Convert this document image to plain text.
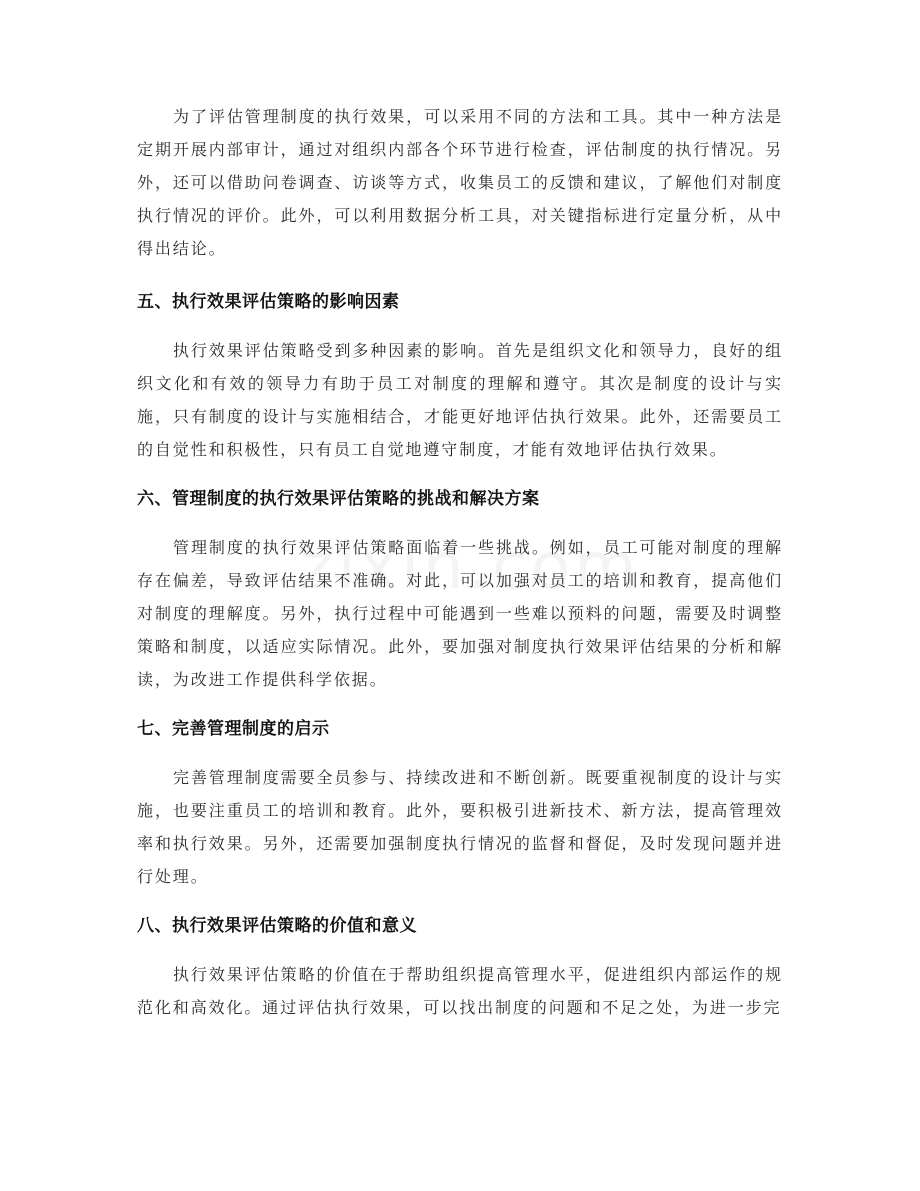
为了评估管理制度的执行效果，可以采用不同的方法和工具。其中一种方法是定期开展内部审计，通过对组织内部各个环节进行检查，评估制度的执行情况。另外，还可以借助问卷调查、访谈等方式，收集员工的反馈和建议，了解他们对制度执行情况的评价。此外，可以利用数据分析工具，对关键指标进行定量分析，从中得出结论。

五、执行效果评估策略的影响因素

执行效果评估策略受到多种因素的影响。首先是组织文化和领导力，良好的组织文化和有效的领导力有助于员工对制度的理解和遵守。其次是制度的设计与实施，只有制度的设计与实施相结合，才能更好地评估执行效果。此外，还需要员工的自觉性和积极性，只有员工自觉地遵守制度，才能有效地评估执行效果。

六、管理制度的执行效果评估策略的挑战和解决方案

管理制度的执行效果评估策略面临着一些挑战。例如，员工可能对制度的理解存在偏差，导致评估结果不准确。对此，可以加强对员工的培训和教育，提高他们对制度的理解度。另外，执行过程中可能遇到一些难以预料的问题，需要及时调整策略和制度，以适应实际情况。此外，要加强对制度执行效果评估结果的分析和解读，为改进工作提供科学依据。

七、完善管理制度的启示

完善管理制度需要全员参与、持续改进和不断创新。既要重视制度的设计与实施，也要注重员工的培训和教育。此外，要积极引进新技术、新方法，提高管理效率和执行效果。另外，还需要加强制度执行情况的监督和督促，及时发现问题并进行处理。

八、执行效果评估策略的价值和意义

执行效果评估策略的价值在于帮助组织提高管理水平，促进组织内部运作的规范化和高效化。通过评估执行效果，可以找出制度的问题和不足之处，为进一步完
